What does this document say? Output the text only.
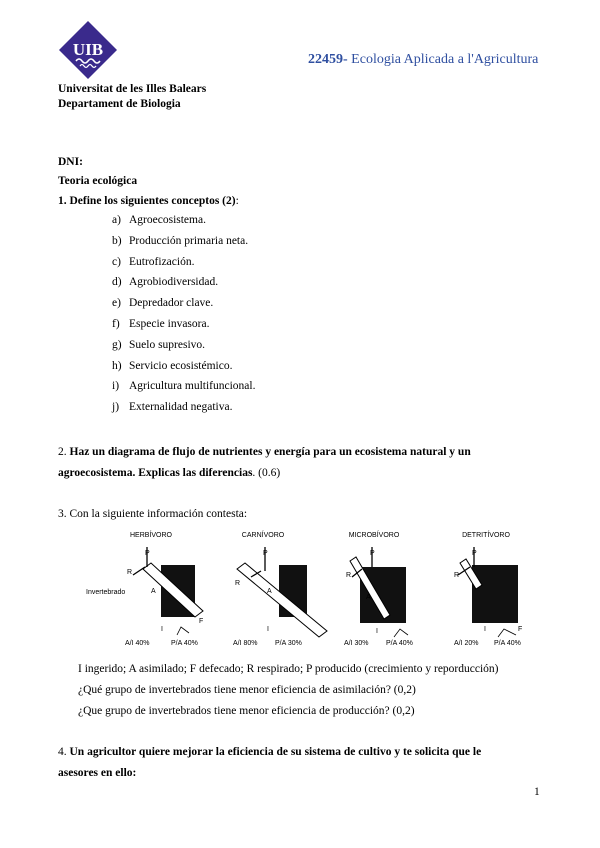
UIB
22459- Ecologia Aplicada a l'Agricultura
Universitat de les Illes Balears
Departament de Biologia
DNI:
Teoria ecológica
1. Define los siguientes conceptos (2):
a) Agroecosistema.
b) Producción primaria neta.
c) Eutrofización.
d) Agrobiodiversidad.
e) Depredador clave.
f) Especie invasora.
g) Suelo supresivo.
h) Servicio ecosistémico.
i) Agricultura multifuncional.
j) Externalidad negativa.
2. Haz un diagrama de flujo de nutrientes y energía para un ecosistema natural y un
agroecosistema. Explicas las diferencias. (0.6)
3. Con la siguiente información contesta:
Invertebrado
HERBÍVORO
P
R
A
I
F
A/I 40%	P/A 40%
CARNÍVORO
P
R
A
I
A/I 80% P/A 30%
MICROBÍVORO
P
R
A
I
A/I 30% P/A 40%
DETRITÍVORO
P
R
I	F
A/I 20% P/A 40%
I ingerido; A asimilado; F defecado; R respirado; P producido (crecimiento y reporducción)
¿Qué grupo de invertebrados tiene menor eficiencia de asimilación? (0,2)
¿Que grupo de invertebrados tiene menor eficiencia de producción? (0,2)
4. Un agricultor quiere mejorar la eficiencia de su sistema de cultivo y te solicita que le
asesores en ello:
1
